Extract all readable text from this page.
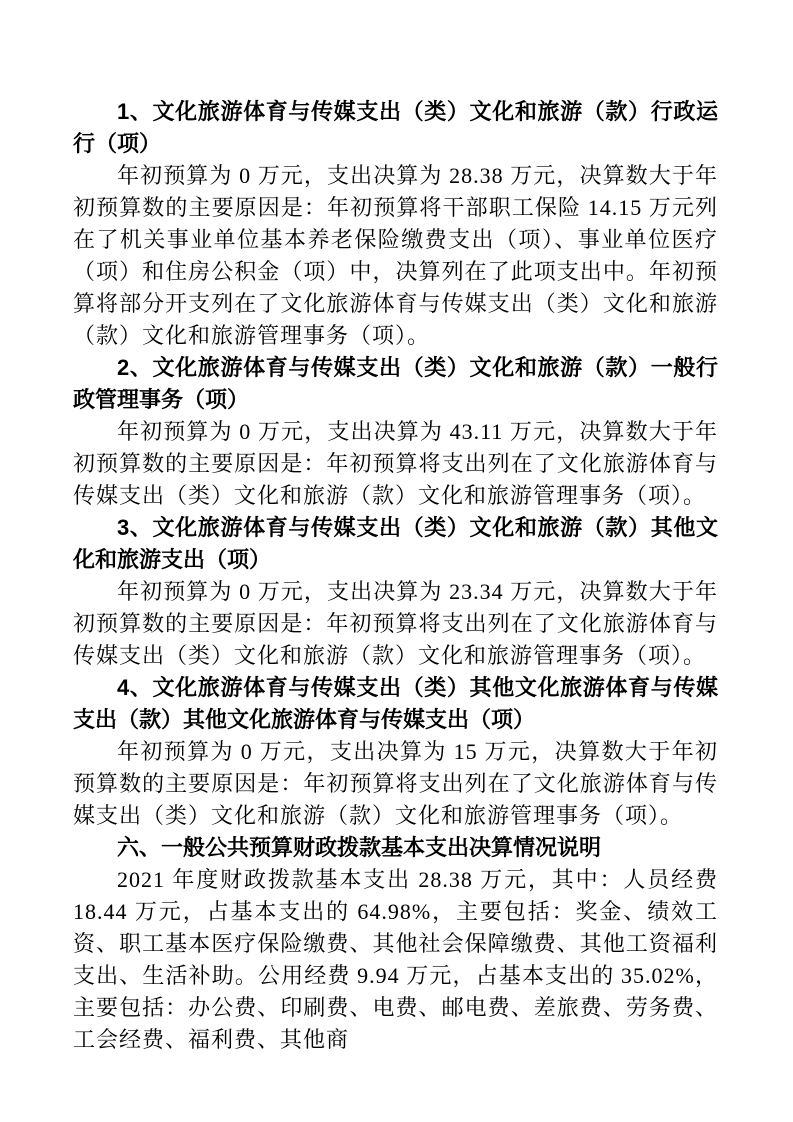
1、文化旅游体育与传媒支出（类）文化和旅游（款）行政运行（项）

年初预算为 0 万元，支出决算为 28.38 万元，决算数大于年初预算数的主要原因是：年初预算将干部职工保险 14.15 万元列在了机关事业单位基本养老保险缴费支出（项）、事业单位医疗（项）和住房公积金（项）中，决算列在了此项支出中。年初预算将部分开支列在了文化旅游体育与传媒支出（类）文化和旅游（款）文化和旅游管理事务（项）。

2、文化旅游体育与传媒支出（类）文化和旅游（款）一般行政管理事务（项）

年初预算为 0 万元，支出决算为 43.11 万元，决算数大于年初预算数的主要原因是：年初预算将支出列在了文化旅游体育与传媒支出（类）文化和旅游（款）文化和旅游管理事务（项）。

3、文化旅游体育与传媒支出（类）文化和旅游（款）其他文化和旅游支出（项）

年初预算为 0 万元，支出决算为 23.34 万元，决算数大于年初预算数的主要原因是：年初预算将支出列在了文化旅游体育与传媒支出（类）文化和旅游（款）文化和旅游管理事务（项）。

4、文化旅游体育与传媒支出（类）其他文化旅游体育与传媒支出（款）其他文化旅游体育与传媒支出（项）

年初预算为 0 万元，支出决算为 15 万元，决算数大于年初预算数的主要原因是：年初预算将支出列在了文化旅游体育与传媒支出（类）文化和旅游（款）文化和旅游管理事务（项）。

六、一般公共预算财政拨款基本支出决算情况说明

2021 年度财政拨款基本支出 28.38 万元，其中：人员经费 18.44 万元，占基本支出的 64.98%，主要包括：奖金、绩效工资、职工基本医疗保险缴费、其他社会保障缴费、其他工资福利支出、生活补助。公用经费 9.94 万元，占基本支出的 35.02%，主要包括：办公费、印刷费、电费、邮电费、差旅费、劳务费、工会经费、福利费、其他商
